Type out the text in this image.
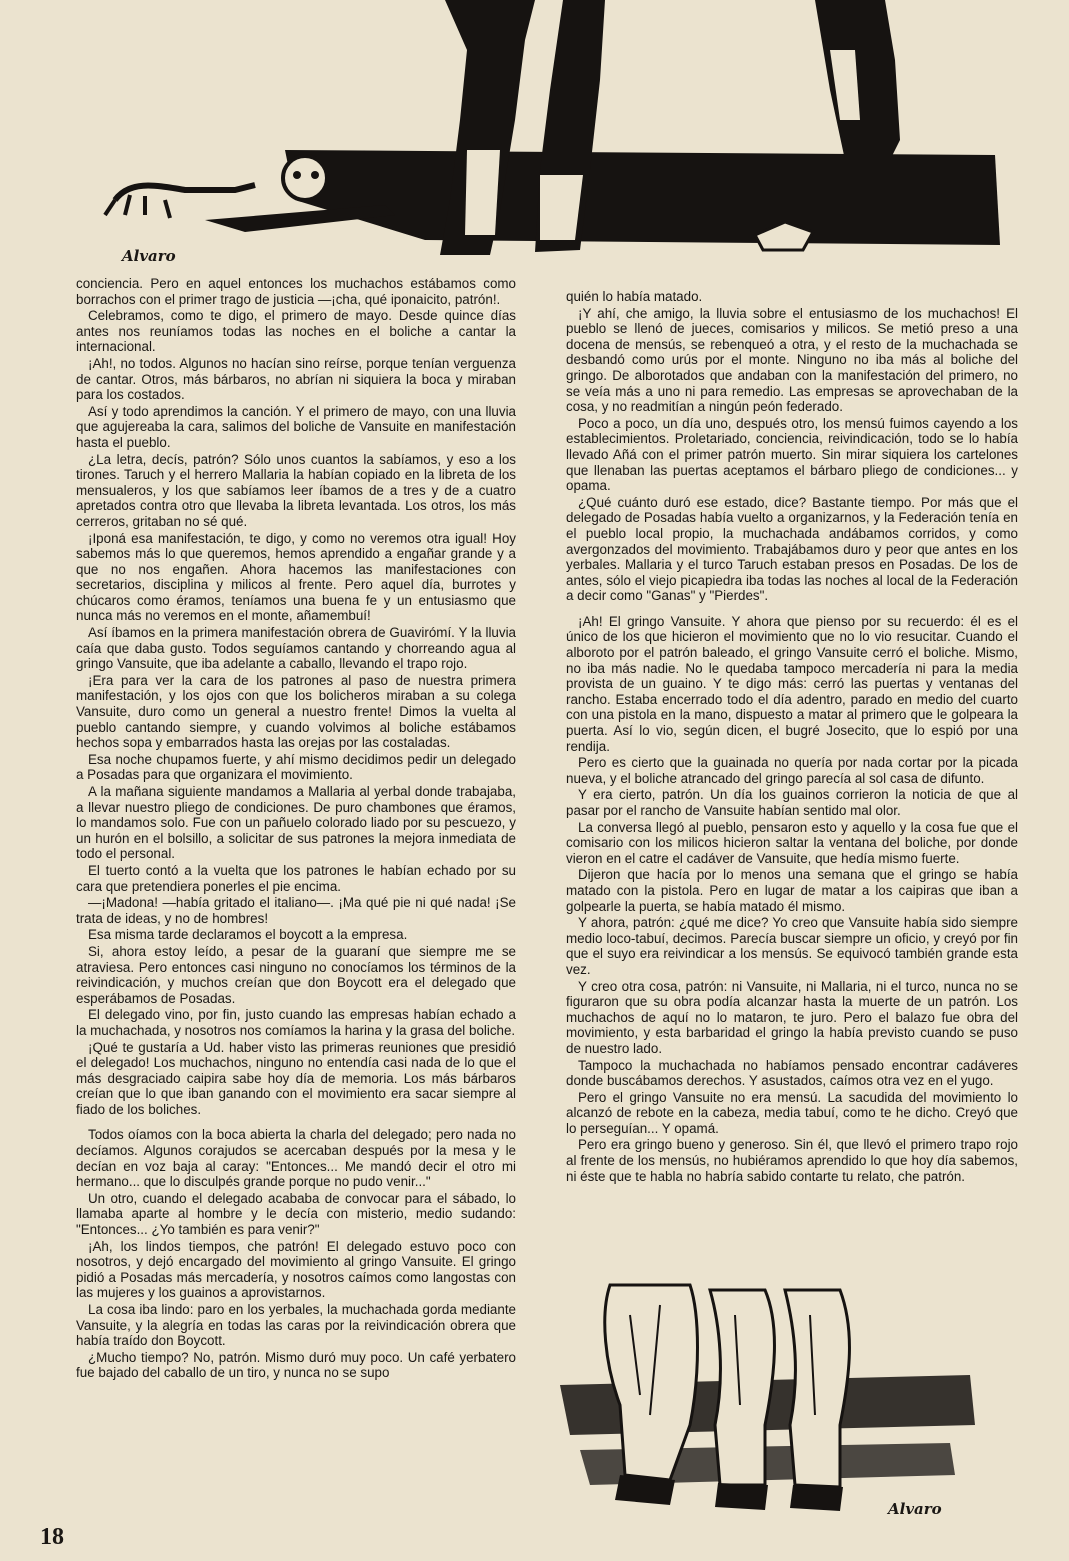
Alvaro

conciencia. Pero en aquel entonces los muchachos estábamos como borrachos con el primer trago de justicia —¡cha, qué iponaicito, patrón!.

Celebramos, como te digo, el primero de mayo. Desde quince días antes nos reuníamos todas las noches en el boliche a cantar la internacional.

¡Ah!, no todos. Algunos no hacían sino reírse, porque tenían verguenza de cantar. Otros, más bárbaros, no abrían ni siquiera la boca y miraban para los costados.

Así y todo aprendimos la canción. Y el primero de mayo, con una lluvia que agujereaba la cara, salimos del boliche de Vansuite en manifestación hasta el pueblo.

¿La letra, decís, patrón? Sólo unos cuantos la sabíamos, y eso a los tirones. Taruch y el herrero Mallaria la habían copiado en la libreta de los mensualeros, y los que sabíamos leer íbamos de a tres y de a cuatro apretados contra otro que llevaba la libreta levantada. Los otros, los más cerreros, gritaban no sé qué.

¡Iponá esa manifestación, te digo, y como no veremos otra igual! Hoy sabemos más lo que queremos, hemos aprendido a engañar grande y a que no nos engañen. Ahora hacemos las manifestaciones con secretarios, disciplina y milicos al frente. Pero aquel día, burrotes y chúcaros como éramos, teníamos una buena fe y un entusiasmo que nunca más no veremos en el monte, añamembuí!

Así íbamos en la primera manifestación obrera de Guavirómí. Y la lluvia caía que daba gusto. Todos seguíamos cantando y chorreando agua al gringo Vansuite, que iba adelante a caballo, llevando el trapo rojo.

¡Era para ver la cara de los patrones al paso de nuestra primera manifestación, y los ojos con que los bolicheros miraban a su colega Vansuite, duro como un general a nuestro frente! Dimos la vuelta al pueblo cantando siempre, y cuando volvimos al boliche estábamos hechos sopa y embarrados hasta las orejas por las costaladas.

Esa noche chupamos fuerte, y ahí mismo decidimos pedir un delegado a Posadas para que organizara el movimiento.

A la mañana siguiente mandamos a Mallaria al yerbal donde trabajaba, a llevar nuestro pliego de condiciones. De puro chambones que éramos, lo mandamos solo. Fue con un pañuelo colorado liado por su pescuezo, y un hurón en el bolsillo, a solicitar de sus patrones la mejora inmediata de todo el personal.

El tuerto contó a la vuelta que los patrones le habían echado por su cara que pretendiera ponerles el pie encima.

—¡Madona! —había gritado el italiano—. ¡Ma qué pie ni qué nada! ¡Se trata de ideas, y no de hombres!

Esa misma tarde declaramos el boycott a la empresa.

Si, ahora estoy leído, a pesar de la guaraní que siempre me se atraviesa. Pero entonces casi ninguno no conocíamos los términos de la reivindicación, y muchos creían que don Boycott era el delegado que esperábamos de Posadas.

El delegado vino, por fin, justo cuando las empresas habían echado a la muchachada, y nosotros nos comíamos la harina y la grasa del boliche.

¡Qué te gustaría a Ud. haber visto las primeras reuniones que presidió el delegado! Los muchachos, ninguno no entendía casi nada de lo que el más desgraciado caipira sabe hoy día de memoria. Los más bárbaros creían que lo que iban ganando con el movimiento era sacar siempre al fiado de los boliches.

Todos oíamos con la boca abierta la charla del delegado; pero nada no decíamos. Algunos corajudos se acercaban después por la mesa y le decían en voz baja al caray: "Entonces... Me mandó decir el otro mi hermano... que lo disculpés grande porque no pudo venir..."

Un otro, cuando el delegado acababa de convocar para el sábado, lo llamaba aparte al hombre y le decía con misterio, medio sudando: "Entonces... ¿Yo también es para venir?"

¡Ah, los lindos tiempos, che patrón! El delegado estuvo poco con nosotros, y dejó encargado del movimiento al gringo Vansuite. El gringo pidió a Posadas más mercadería, y nosotros caímos como langostas con las mujeres y los guainos a aprovistarnos.

La cosa iba lindo: paro en los yerbales, la muchachada gorda mediante Vansuite, y la alegría en todas las caras por la reivindicación obrera que había traído don Boycott.

¿Mucho tiempo? No, patrón. Mismo duró muy poco. Un café yerbatero fue bajado del caballo de un tiro, y nunca no se supo

quién lo había matado.

¡Y ahí, che amigo, la lluvia sobre el entusiasmo de los muchachos! El pueblo se llenó de jueces, comisarios y milicos. Se metió preso a una docena de mensús, se rebenqueó a otra, y el resto de la muchachada se desbandó como urús por el monte. Ninguno no iba más al boliche del gringo. De alborotados que andaban con la manifestación del primero, no se veía más a uno ni para remedio. Las empresas se aprovechaban de la cosa, y no readmitían a ningún peón federado.

Poco a poco, un día uno, después otro, los mensú fuimos cayendo a los establecimientos. Proletariado, conciencia, reivindicación, todo se lo había llevado Añá con el primer patrón muerto. Sin mirar siquiera los cartelones que llenaban las puertas aceptamos el bárbaro pliego de condiciones... y opama.

¿Qué cuánto duró ese estado, dice? Bastante tiempo. Por más que el delegado de Posadas había vuelto a organizarnos, y la Federación tenía en el pueblo local propio, la muchachada andábamos corridos, y como avergonzados del movimiento. Trabajábamos duro y peor que antes en los yerbales. Mallaria y el turco Taruch estaban presos en Posadas. De los de antes, sólo el viejo picapiedra iba todas las noches al local de la Federación a decir como "Ganas" y "Pierdes".

¡Ah! El gringo Vansuite. Y ahora que pienso por su recuerdo: él es el único de los que hicieron el movimiento que no lo vio resucitar. Cuando el alboroto por el patrón baleado, el gringo Vansuite cerró el boliche. Mismo, no iba más nadie. No le quedaba tampoco mercadería ni para la media provista de un guaino. Y te digo más: cerró las puertas y ventanas del rancho. Estaba encerrado todo el día adentro, parado en medio del cuarto con una pistola en la mano, dispuesto a matar al primero que le golpeara la puerta. Así lo vio, según dicen, el bugré Josecito, que lo espió por una rendija.

Pero es cierto que la guainada no quería por nada cortar por la picada nueva, y el boliche atrancado del gringo parecía al sol casa de difunto.

Y era cierto, patrón. Un día los guainos corrieron la noticia de que al pasar por el rancho de Vansuite habían sentido mal olor.

La conversa llegó al pueblo, pensaron esto y aquello y la cosa fue que el comisario con los milicos hicieron saltar la ventana del boliche, por donde vieron en el catre el cadáver de Vansuite, que hedía mismo fuerte.

Dijeron que hacía por lo menos una semana que el gringo se había matado con la pistola. Pero en lugar de matar a los caipiras que iban a golpearle la puerta, se había matado él mismo.

Y ahora, patrón: ¿qué me dice? Yo creo que Vansuite había sido siempre medio loco-tabuí, decimos. Parecía buscar siempre un oficio, y creyó por fin que el suyo era reivindicar a los mensús. Se equivocó también grande esta vez.

Y creo otra cosa, patrón: ni Vansuite, ni Mallaria, ni el turco, nunca no se figuraron que su obra podía alcanzar hasta la muerte de un patrón. Los muchachos de aquí no lo mataron, te juro. Pero el balazo fue obra del movimiento, y esta barbaridad el gringo la había previsto cuando se puso de nuestro lado.

Tampoco la muchachada no habíamos pensado encontrar cadáveres donde buscábamos derechos. Y asustados, caímos otra vez en el yugo.

Pero el gringo Vansuite no era mensú. La sacudida del movimiento lo alcanzó de rebote en la cabeza, media tabuí, como te he dicho. Creyó que lo perseguían... Y opamá.

Pero era gringo bueno y generoso. Sin él, que llevó el primero trapo rojo al frente de los mensús, no hubiéramos aprendido lo que hoy día sabemos, ni éste que te habla no habría sabido contarte tu relato, che patrón.

Alvaro
18
